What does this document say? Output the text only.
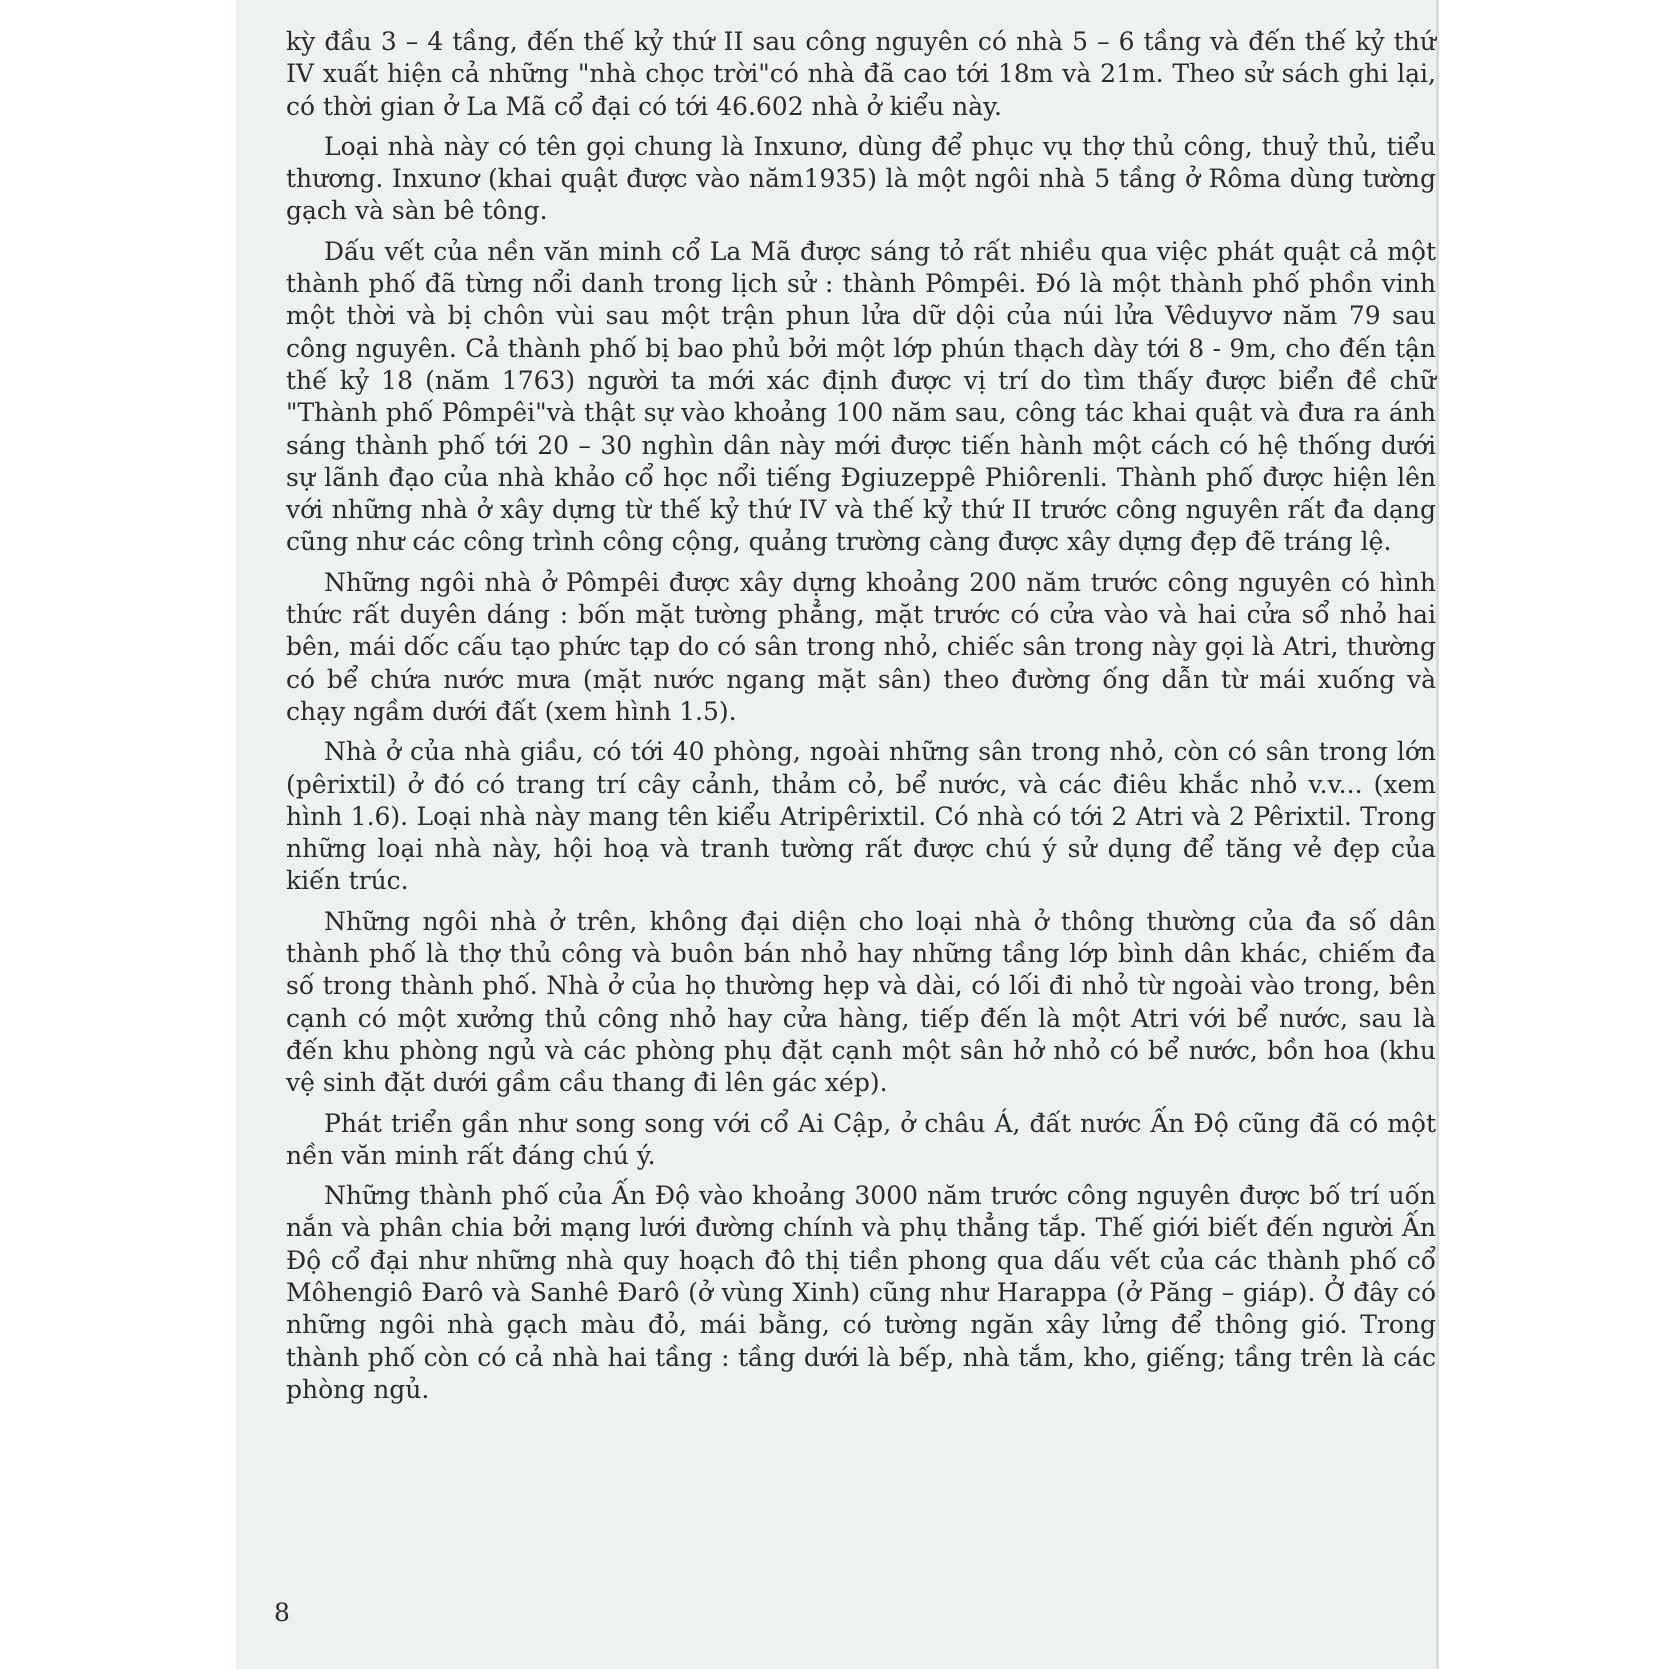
kỳ đầu 3 – 4 tầng, đến thế kỷ thứ II sau công nguyên có nhà 5 – 6 tầng và đến thế kỷ thứ IV xuất hiện cả những "nhà chọc trời"có nhà đã cao tới 18m và 21m. Theo sử sách ghi lại, có thời gian ở La Mã cổ đại có tới 46.602 nhà ở kiểu này.

Loại nhà này có tên gọi chung là Inxunơ, dùng để phục vụ thợ thủ công, thuỷ thủ, tiểu thương. Inxunơ (khai quật được vào năm1935) là một ngôi nhà 5 tầng ở Rôma dùng tường gạch và sàn bê tông.

Dấu vết của nền văn minh cổ La Mã được sáng tỏ rất nhiều qua việc phát quật cả một thành phố đã từng nổi danh trong lịch sử : thành Pômpêi. Đó là một thành phố phồn vinh một thời và bị chôn vùi sau một trận phun lửa dữ dội của núi lửa Vêduyvơ năm 79 sau công nguyên. Cả thành phố bị bao phủ bởi một lớp phún thạch dày tới 8 - 9m, cho đến tận thế kỷ 18 (năm 1763) người ta mới xác định được vị trí do tìm thấy được biển đề chữ "Thành phố Pômpêi"và thật sự vào khoảng 100 năm sau, công tác khai quật và đưa ra ánh sáng thành phố tới 20 – 30 nghìn dân này mới được tiến hành một cách có hệ thống dưới sự lãnh đạo của nhà khảo cổ học nổi tiếng Đgiuzeppê Phiôrenli. Thành phố được hiện lên với những nhà ở xây dựng từ thế kỷ thứ IV và thế kỷ thứ II trước công nguyên rất đa dạng cũng như các công trình công cộng, quảng trường càng được xây dựng đẹp đẽ tráng lệ.

Những ngôi nhà ở Pômpêi được xây dựng khoảng 200 năm trước công nguyên có hình thức rất duyên dáng : bốn mặt tường phẳng, mặt trước có cửa vào và hai cửa sổ nhỏ hai bên, mái dốc cấu tạo phức tạp do có sân trong nhỏ, chiếc sân trong này gọi là Atri, thường có bể chứa nước mưa (mặt nước ngang mặt sân) theo đường ống dẫn từ mái xuống và chạy ngầm dưới đất (xem hình 1.5).

Nhà ở của nhà giầu, có tới 40 phòng, ngoài những sân trong nhỏ, còn có sân trong lớn (pêrixtil) ở đó có trang trí cây cảnh, thảm cỏ, bể nước, và các điêu khắc nhỏ v.v... (xem hình 1.6). Loại nhà này mang tên kiểu Atripêrixtil. Có nhà có tới 2 Atri và 2 Pêrixtil. Trong những loại nhà này, hội hoạ và tranh tường rất được chú ý sử dụng để tăng vẻ đẹp của kiến trúc.

Những ngôi nhà ở trên, không đại diện cho loại nhà ở thông thường của đa số dân thành phố là thợ thủ công và buôn bán nhỏ hay những tầng lớp bình dân khác, chiếm đa số trong thành phố. Nhà ở của họ thường hẹp và dài, có lối đi nhỏ từ ngoài vào trong, bên cạnh có một xưởng thủ công nhỏ hay cửa hàng, tiếp đến là một Atri với bể nước, sau là đến khu phòng ngủ và các phòng phụ đặt cạnh một sân hở nhỏ có bể nước, bồn hoa (khu vệ sinh đặt dưới gầm cầu thang đi lên gác xép).

Phát triển gần như song song với cổ Ai Cập, ở châu Á, đất nước Ấn Độ cũng đã có một nền văn minh rất đáng chú ý.

Những thành phố của Ấn Độ vào khoảng 3000 năm trước công nguyên được bố trí uốn nắn và phân chia bởi mạng lưới đường chính và phụ thẳng tắp. Thế giới biết đến người Ấn Độ cổ đại như những nhà quy hoạch đô thị tiền phong qua dấu vết của các thành phố cổ Môhengiô Đarô và Sanhê Đarô (ở vùng Xinh) cũng như Harappa (ở Păng – giáp). Ở đây có những ngôi nhà gạch màu đỏ, mái bằng, có tường ngăn xây lửng để thông gió. Trong thành phố còn có cả nhà hai tầng : tầng dưới là bếp, nhà tắm, kho, giếng; tầng trên là các phòng ngủ.

8
